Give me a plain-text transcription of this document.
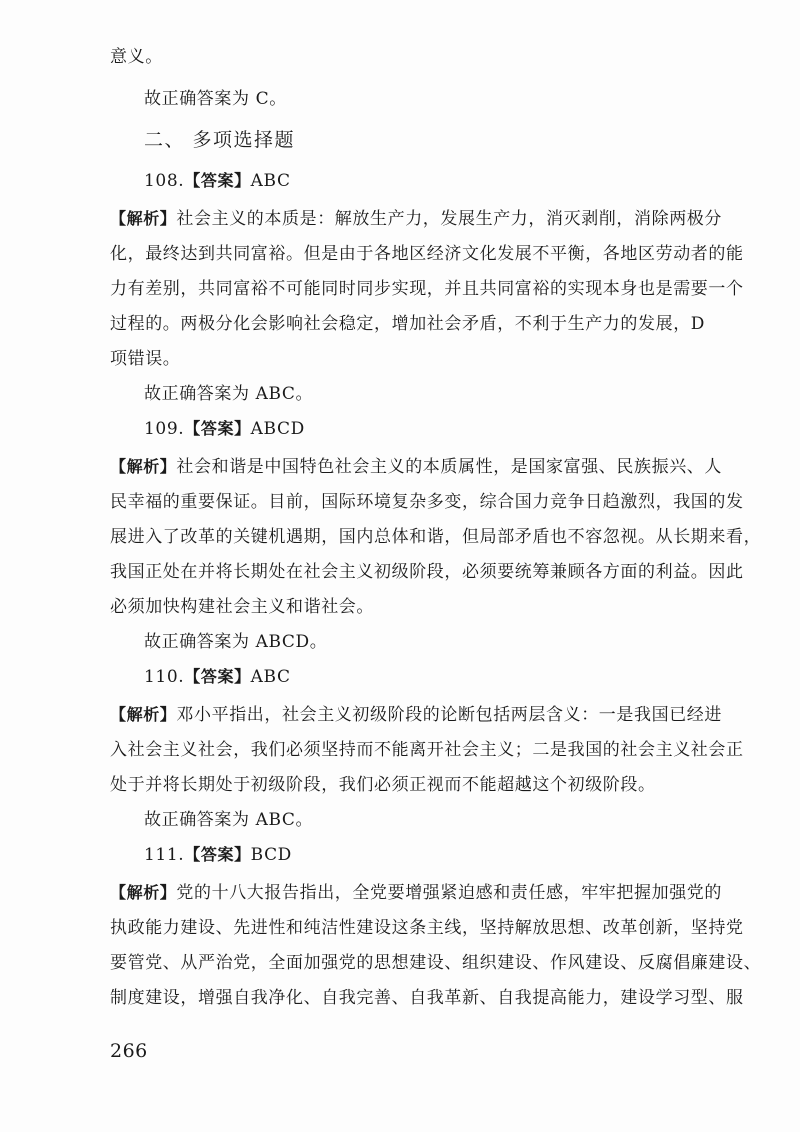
意义。
故正确答案为 C。
二、 多项选择题
108.【答案】ABC
【解析】社会主义的本质是：解放生产力，发展生产力，消灭剥削，消除两极分
化，最终达到共同富裕。但是由于各地区经济文化发展不平衡，各地区劳动者的能
力有差别，共同富裕不可能同时同步实现，并且共同富裕的实现本身也是需要一个
过程的。两极分化会影响社会稳定，增加社会矛盾，不利于生产力的发展，D
项错误。
故正确答案为 ABC。
109.【答案】ABCD
【解析】社会和谐是中国特色社会主义的本质属性，是国家富强、民族振兴、人
民幸福的重要保证。目前，国际环境复杂多变，综合国力竞争日趋激烈，我国的发
展进入了改革的关键机遇期，国内总体和谐，但局部矛盾也不容忽视。从长期来看，
我国正处在并将长期处在社会主义初级阶段，必须要统筹兼顾各方面的利益。因此
必须加快构建社会主义和谐社会。
故正确答案为 ABCD。
110.【答案】ABC
【解析】邓小平指出，社会主义初级阶段的论断包括两层含义：一是我国已经进
入社会主义社会，我们必须坚持而不能离开社会主义；二是我国的社会主义社会正
处于并将长期处于初级阶段，我们必须正视而不能超越这个初级阶段。
故正确答案为 ABC。
111.【答案】BCD
【解析】党的十八大报告指出，全党要增强紧迫感和责任感，牢牢把握加强党的
执政能力建设、先进性和纯洁性建设这条主线，坚持解放思想、改革创新，坚持党
要管党、从严治党，全面加强党的思想建设、组织建设、作风建设、反腐倡廉建设、
制度建设，增强自我净化、自我完善、自我革新、自我提高能力，建设学习型、服
266
